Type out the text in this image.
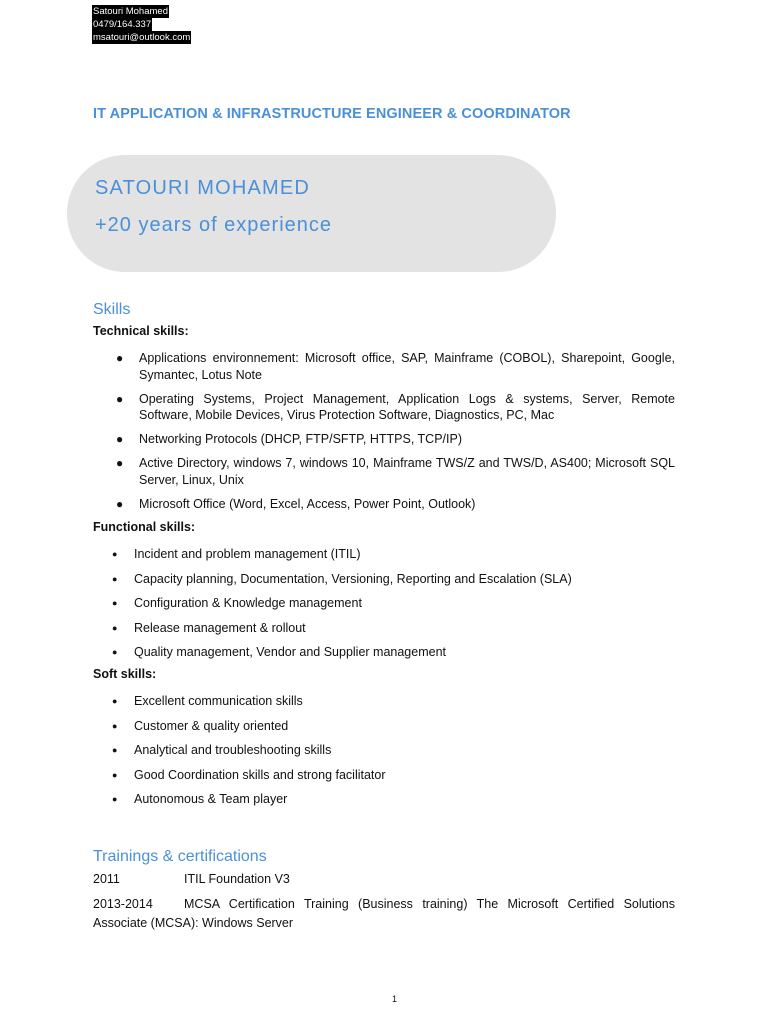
Satouri Mohamed
0479/164.337
msatouri@outlook.com
IT APPLICATION & INFRASTRUCTURE ENGINEER & COORDINATOR
SATOURI MOHAMED
+20 years of experience
Skills
Technical skills:
● Applications environnement: Microsoft office, SAP, Mainframe (COBOL), Sharepoint, Google, Symantec, Lotus Note
● Operating Systems, Project Management, Application Logs & systems, Server, Remote Software, Mobile Devices, Virus Protection Software, Diagnostics, PC, Mac
● Networking Protocols (DHCP, FTP/SFTP, HTTPS, TCP/IP)
● Active Directory, windows 7, windows 10, Mainframe TWS/Z and TWS/D, AS400; Microsoft SQL Server, Linux, Unix
● Microsoft Office (Word, Excel, Access, Power Point, Outlook)
Functional skills:
● Incident and problem management (ITIL)
● Capacity planning, Documentation, Versioning, Reporting and Escalation (SLA)
● Configuration & Knowledge management
● Release management & rollout
● Quality management, Vendor and Supplier management
Soft skills:
● Excellent communication skills
● Customer & quality oriented
● Analytical and troubleshooting skills
● Good Coordination skills and strong facilitator
● Autonomous & Team player
Trainings & certifications
2011	ITIL Foundation V3
2013-2014 MCSA Certification Training (Business training) The Microsoft Certified Solutions Associate (MCSA): Windows Server
1
